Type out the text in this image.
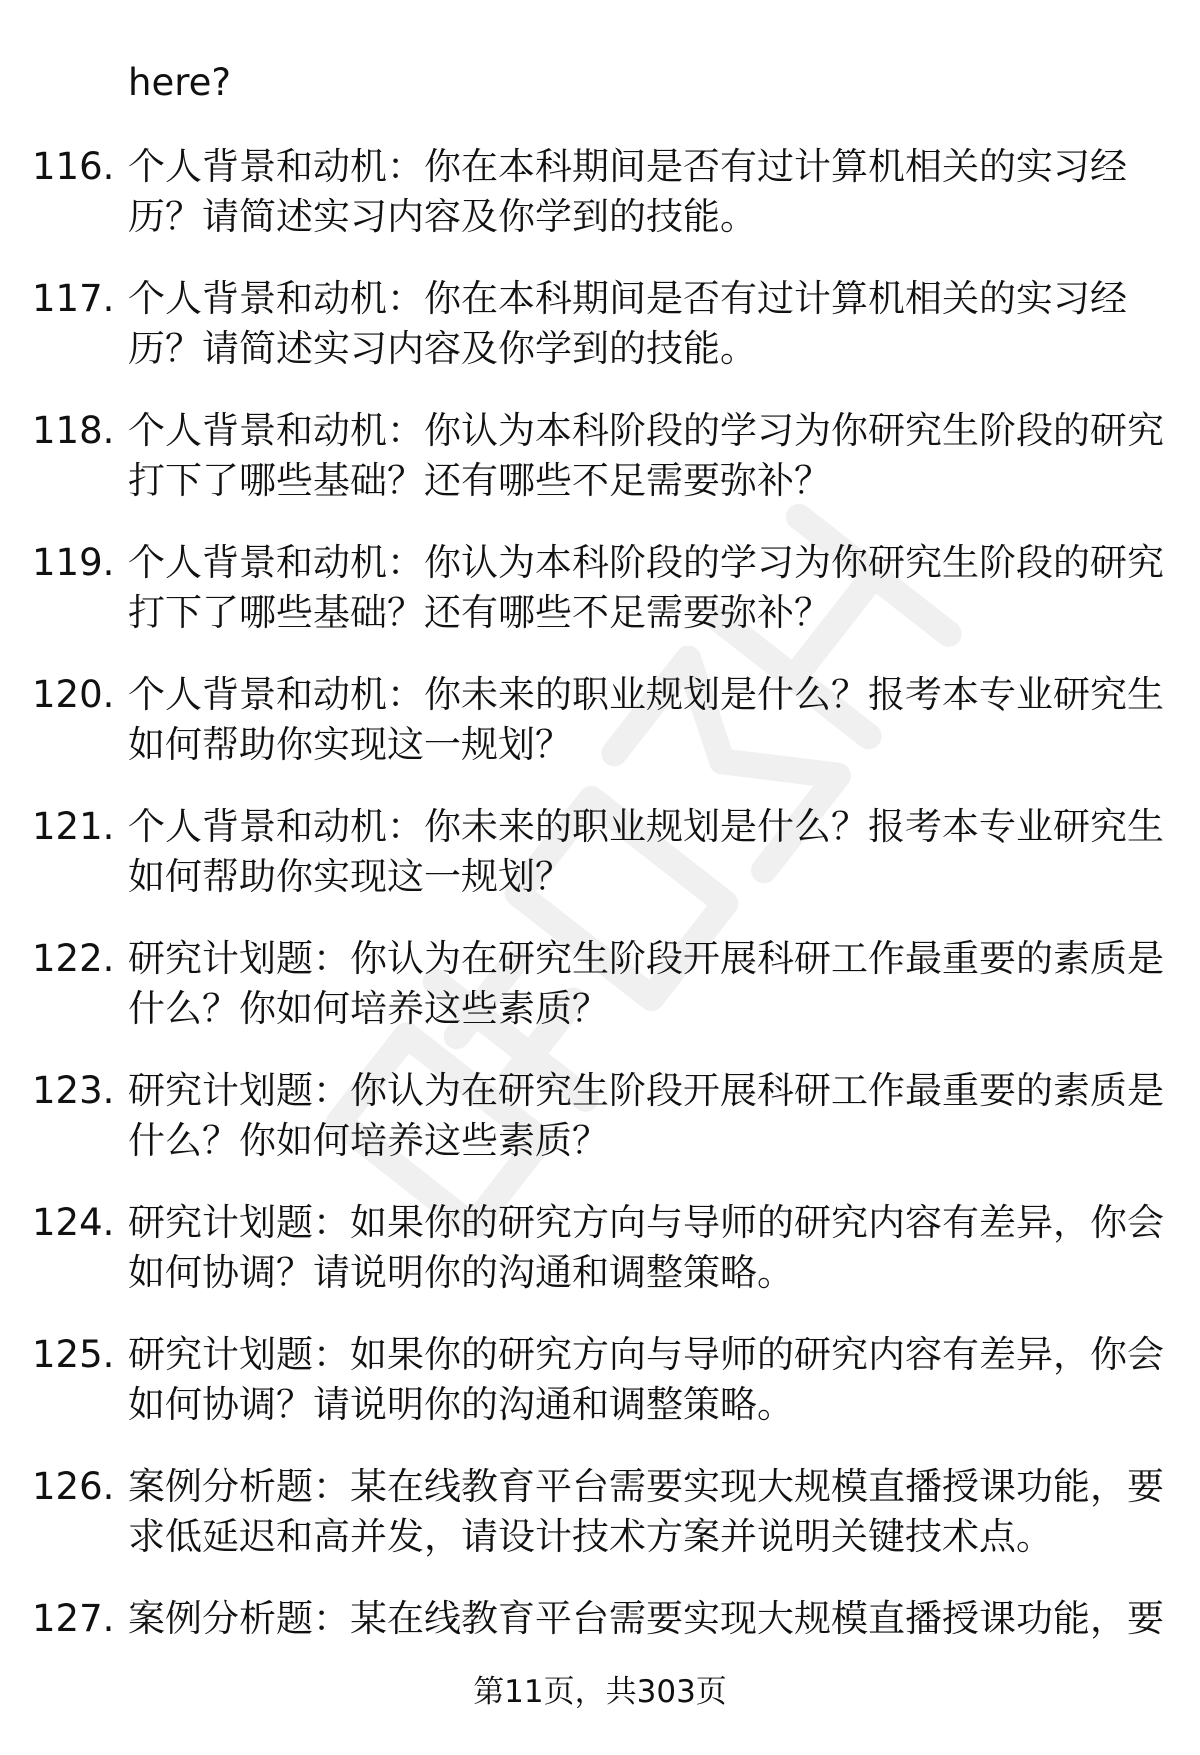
here?
116. 个人背景和动机：你在本科期间是否有过计算机相关的实习经
历？请简述实习内容及你学到的技能。
117. 个人背景和动机：你在本科期间是否有过计算机相关的实习经
历？请简述实习内容及你学到的技能。
118. 个人背景和动机：你认为本科阶段的学习为你研究生阶段的研究
打下了哪些基础？还有哪些不足需要弥补？
119. 个人背景和动机：你认为本科阶段的学习为你研究生阶段的研究
打下了哪些基础？还有哪些不足需要弥补？
120. 个人背景和动机：你未来的职业规划是什么？报考本专业研究生
如何帮助你实现这一规划？
121. 个人背景和动机：你未来的职业规划是什么？报考本专业研究生
如何帮助你实现这一规划？
122. 研究计划题：你认为在研究生阶段开展科研工作最重要的素质是
什么？你如何培养这些素质？
123. 研究计划题：你认为在研究生阶段开展科研工作最重要的素质是
什么？你如何培养这些素质？
124. 研究计划题：如果你的研究方向与导师的研究内容有差异，你会
如何协调？请说明你的沟通和调整策略。
125. 研究计划题：如果你的研究方向与导师的研究内容有差异，你会
如何协调？请说明你的沟通和调整策略。
126. 案例分析题：某在线教育平台需要实现大规模直播授课功能，要
求低延迟和高并发，请设计技术方案并说明关键技术点。
127. 案例分析题：某在线教育平台需要实现大规模直播授课功能，要
第11页，共303页
